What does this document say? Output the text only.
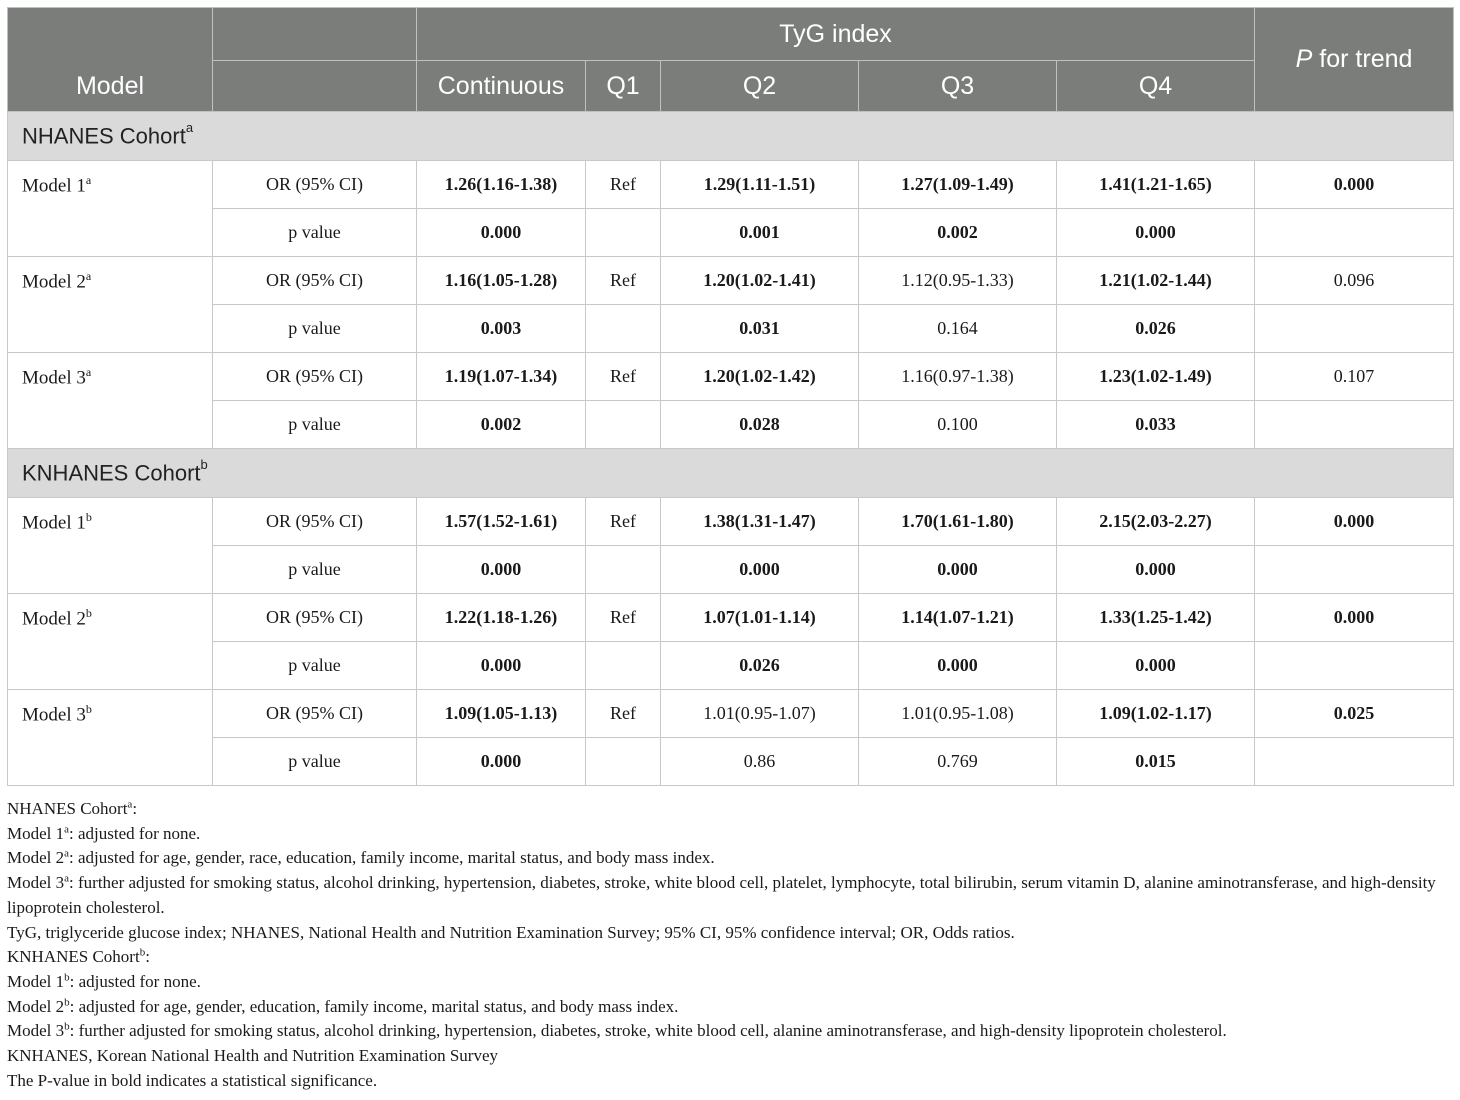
Model		TyG index					P for trend
		Continuous	Q1	Q2	Q3	Q4	
NHANES Cohort$^a$
Model 1$^a$	OR (95% CI)	1.26(1.16-1.38)	Ref	1.29(1.11-1.51)	1.27(1.09-1.49)	1.41(1.21-1.65)	0.000
	p value	0.000		0.001	0.002	0.000	
Model 2$^a$	OR (95% CI)	1.16(1.05-1.28)	Ref	1.20(1.02-1.41)	1.12(0.95-1.33)	1.21(1.02-1.44)	0.096
	p value	0.003		0.031	0.164	0.026	
Model 3$^a$	OR (95% CI)	1.19(1.07-1.34)	Ref	1.20(1.02-1.42)	1.16(0.97-1.38)	1.23(1.02-1.49)	0.107
	p value	0.002		0.028	0.100	0.033	
KNHANES Cohort$^b$
Model 1$^b$	OR (95% CI)	1.57(1.52-1.61)	Ref	1.38(1.31-1.47)	1.70(1.61-1.80)	2.15(2.03-2.27)	0.000
	p value	0.000		0.000	0.000	0.000	
Model 2$^b$	OR (95% CI)	1.22(1.18-1.26)	Ref	1.07(1.01-1.14)	1.14(1.07-1.21)	1.33(1.25-1.42)	0.000
	p value	0.000		0.026	0.000	0.000	
Model 3$^b$	OR (95% CI)	1.09(1.05-1.13)	Ref	1.01(0.95-1.07)	1.01(0.95-1.08)	1.09(1.02-1.17)	0.025
	p value	0.000		0.86	0.769	0.015	
NHANES Cohort$^a$:
Model 1$^a$: adjusted for none.
Model 2$^a$: adjusted for age, gender, race, education, family income, marital status, and body mass index.
Model 3$^a$: further adjusted for smoking status, alcohol drinking, hypertension, diabetes, stroke, white blood cell, platelet, lymphocyte, total bilirubin, serum vitamin D, alanine aminotransferase, and high-density lipoprotein cholesterol.
TyG, triglyceride glucose index; NHANES, National Health and Nutrition Examination Survey; 95% CI, 95% confidence interval; OR, Odds ratios.
KNHANES Cohort$^b$:
Model 1$^b$: adjusted for none.
Model 2$^b$: adjusted for age, gender, education, family income, marital status, and body mass index.
Model 3$^b$: further adjusted for smoking status, alcohol drinking, hypertension, diabetes, stroke, white blood cell, alanine aminotransferase, and high-density lipoprotein cholesterol.
KNHANES, Korean National Health and Nutrition Examination Survey
The P-value in bold indicates a statistical significance.
